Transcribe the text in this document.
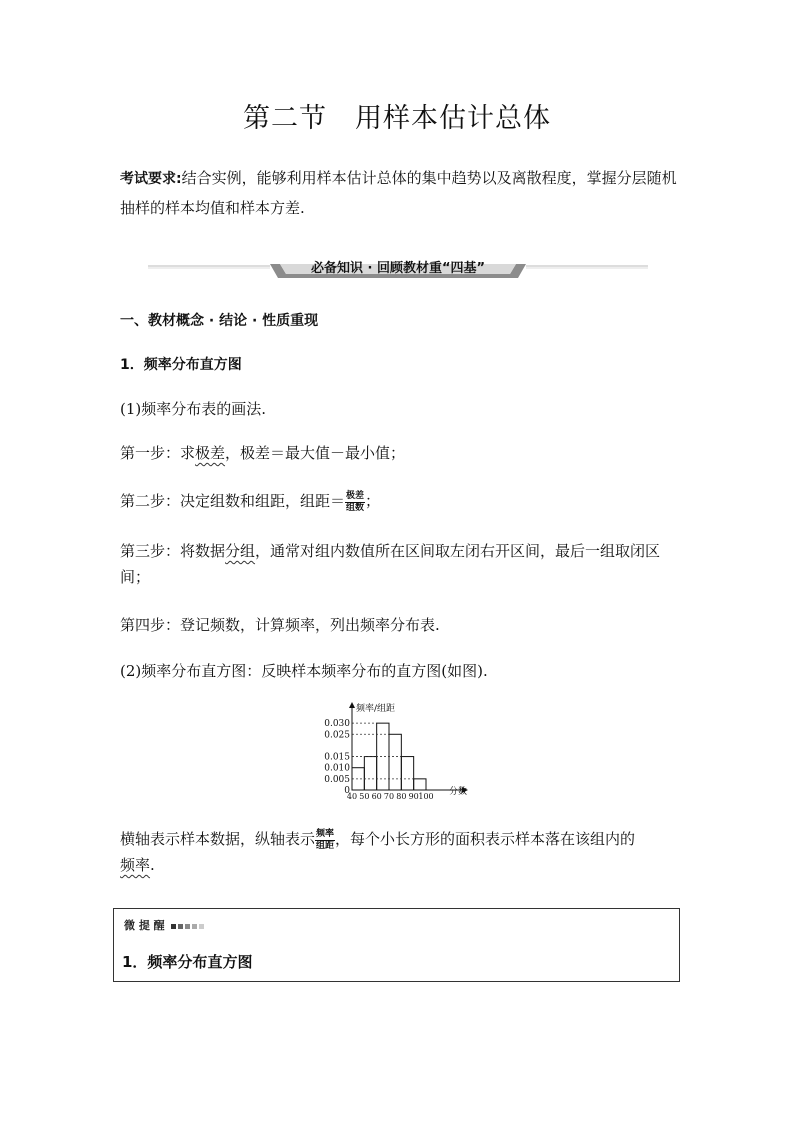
第二节　用样本估计总体
考试要求:结合实例，能够利用样本估计总体的集中趋势以及离散程度，掌握分层随机抽样的样本均值和样本方差.
必备知识 · 回顾教材重“四基”
一、教材概念 · 结论 · 性质重现
1．频率分布直方图
(1)频率分布表的画法.
第一步：求极差，极差＝最大值－最小值；
第二步：决定组数和组距，组距＝ $\frac{\text{极差}}{\text{组数}}$ ；
第三步：将数据分组，通常对组内数值所在区间取左闭右开区间，最后一组取闭区间；
第四步：登记频数，计算频率，列出频率分布表.
(2)频率分布直方图：反映样本频率分布的直方图(如图).
0.030
0.025
0.015
0.010
0.005
0
40 50 60 70 80 90 100
频率/组距
分数
横轴表示样本数据，纵轴表示 $\frac{\text{频率}}{\text{组距}}$ ，每个小长方形的面积表示样本落在该组内的
频率.
微 提 醒
1．频率分布直方图
